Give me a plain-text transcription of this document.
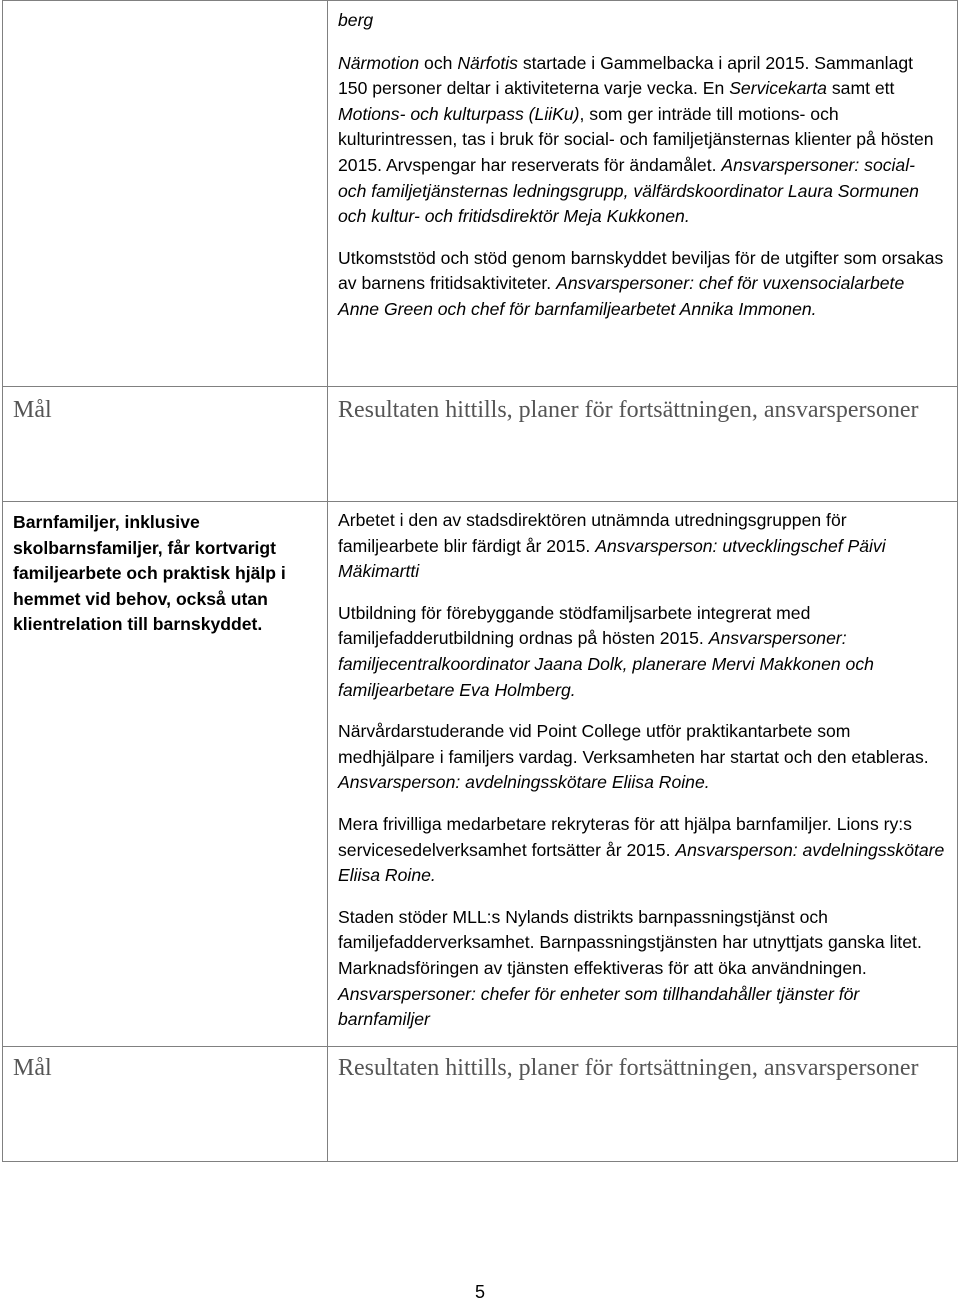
	berg

Närmotion och Närfotis startade i Gammelbacka i april 2015. Sammanlagt 150 personer deltar i aktiviteterna varje vecka. En Servicekarta samt ett Motions- och kulturpass (LiiKu), som ger inträde till motions- och kulturintressen, tas i bruk för social- och familjetjänsternas klienter på hösten 2015. Arvspengar har reserverats för ändamålet. Ansvarspersoner: social- och familjetjänsternas ledningsgrupp, välfärdskoordinator Laura Sormunen och kultur- och fritidsdirektör Meja Kukkonen.

Utkomststöd och stöd genom barnskyddet beviljas för de utgifter som orsakas av barnens fritidsaktiviteter. Ansvarspersoner: chef för vuxensocialarbete Anne Green och chef för barnfamiljearbetet Annika Immonen.

Mål	Resultaten hittills, planer för fortsättningen, ansvarspersoner

Barnfamiljer, inklusive skolbarnsfamiljer, får kortvarigt familjearbete och praktisk hjälp i hemmet vid behov, också utan klientrelation till barnskyddet.	Arbetet i den av stadsdirektören utnämnda utredningsgruppen för familjearbete blir färdigt år 2015. Ansvarsperson: utvecklingschef Päivi Mäkimartti

Utbildning för förebyggande stödfamiljsarbete integrerat med familjefadderutbildning ordnas på hösten 2015. Ansvarspersoner: familjecentralkoordinator Jaana Dolk, planerare Mervi Makkonen och familjearbetare Eva Holmberg.

Närvårdarstuderande vid Point College utför praktikantarbete som medhjälpare i familjers vardag. Verksamheten har startat och den etableras. Ansvarsperson: avdelningsskötare Eliisa Roine.

Mera frivilliga medarbetare rekryteras för att hjälpa barnfamiljer. Lions ry:s servicesedelverksamhet fortsätter år 2015. Ansvarsperson: avdelningsskötare Eliisa Roine.

Staden stöder MLL:s Nylands distrikts barnpassningstjänst och familjefadderverksamhet. Barnpassningstjänsten har utnyttjats ganska litet. Marknadsföringen av tjänsten effektiveras för att öka användningen. Ansvarspersoner: chefer för enheter som tillhandahåller tjänster för barnfamiljer

Mål	Resultaten hittills, planer för fortsättningen, ansvarspersoner
5
